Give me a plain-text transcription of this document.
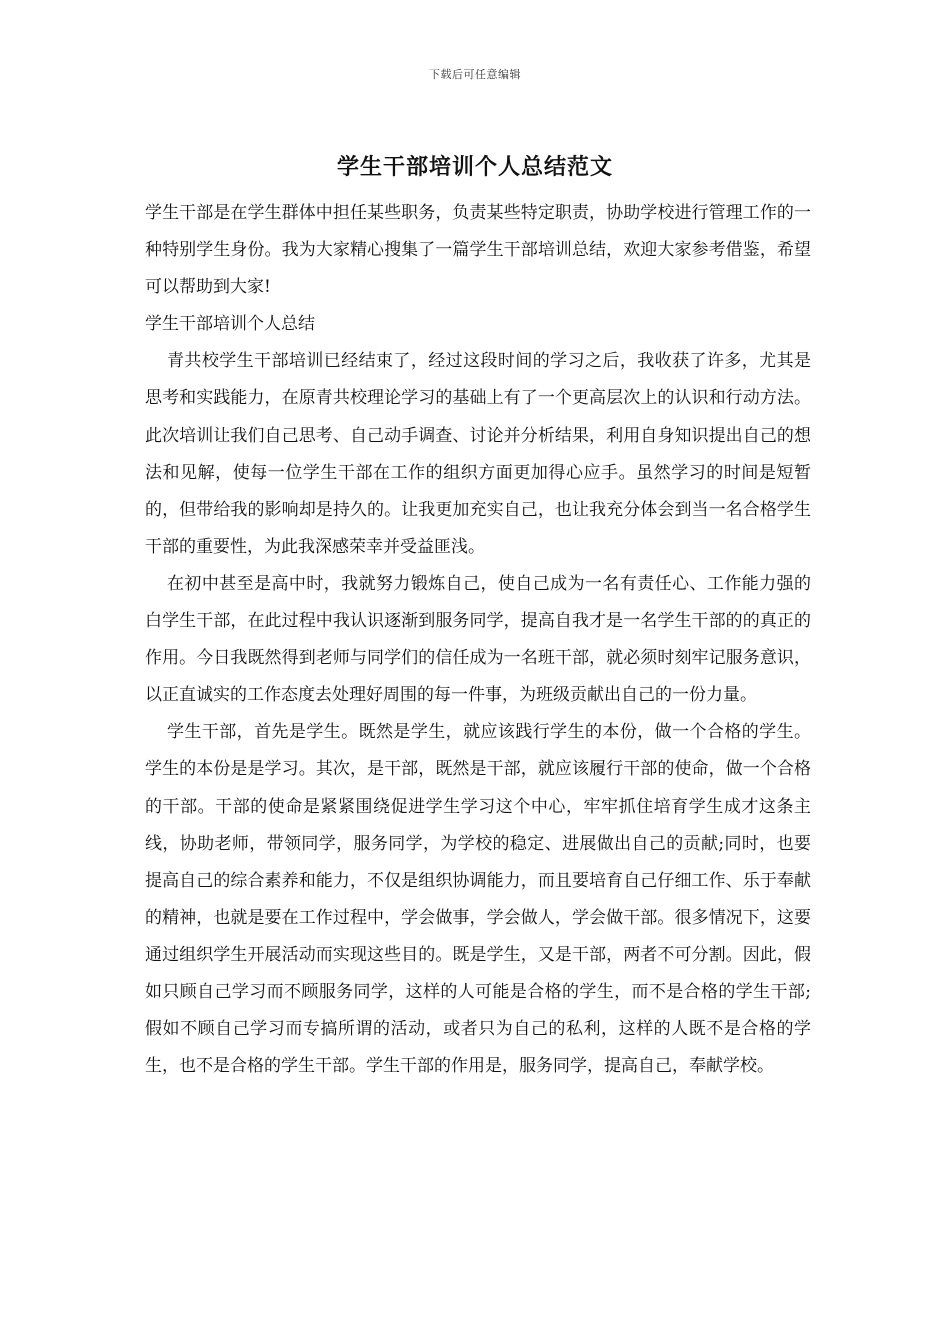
下载后可任意编辑
学生干部培训个人总结范文

学生干部是在学生群体中担任某些职务，负责某些特定职责，协助学校进行管理工作的一种特别学生身份。我为大家精心搜集了一篇学生干部培训总结，欢迎大家参考借鉴，希望可以帮助到大家!

学生干部培训个人总结

青共校学生干部培训已经结束了，经过这段时间的学习之后，我收获了许多，尤其是思考和实践能力，在原青共校理论学习的基础上有了一个更高层次上的认识和行动方法。此次培训让我们自己思考、自己动手调查、讨论并分析结果，利用自身知识提出自己的想法和见解，使每一位学生干部在工作的组织方面更加得心应手。虽然学习的时间是短暂的，但带给我的影响却是持久的。让我更加充实自己，也让我充分体会到当一名合格学生干部的重要性，为此我深感荣幸并受益匪浅。

在初中甚至是高中时，我就努力锻炼自己，使自己成为一名有责任心、工作能力强的白学生干部，在此过程中我认识逐渐到服务同学，提高自我才是一名学生干部的的真正的作用。今日我既然得到老师与同学们的信任成为一名班干部，就必须时刻牢记服务意识，以正直诚实的工作态度去处理好周围的每一件事，为班级贡献出自己的一份力量。

学生干部，首先是学生。既然是学生，就应该践行学生的本份，做一个合格的学生。学生的本份是是学习。其次，是干部，既然是干部，就应该履行干部的使命，做一个合格的干部。干部的使命是紧紧围绕促进学生学习这个中心，牢牢抓住培育学生成才这条主线，协助老师，带领同学，服务同学，为学校的稳定、进展做出自己的贡献;同时，也要提高自己的综合素养和能力，不仅是组织协调能力，而且要培育自己仔细工作、乐于奉献的精神，也就是要在工作过程中，学会做事，学会做人，学会做干部。很多情况下，这要通过组织学生开展活动而实现这些目的。既是学生，又是干部，两者不可分割。因此，假如只顾自己学习而不顾服务同学，这样的人可能是合格的学生，而不是合格的学生干部;假如不顾自己学习而专搞所谓的活动，或者只为自己的私利，这样的人既不是合格的学生，也不是合格的学生干部。学生干部的作用是，服务同学，提高自己，奉献学校。
